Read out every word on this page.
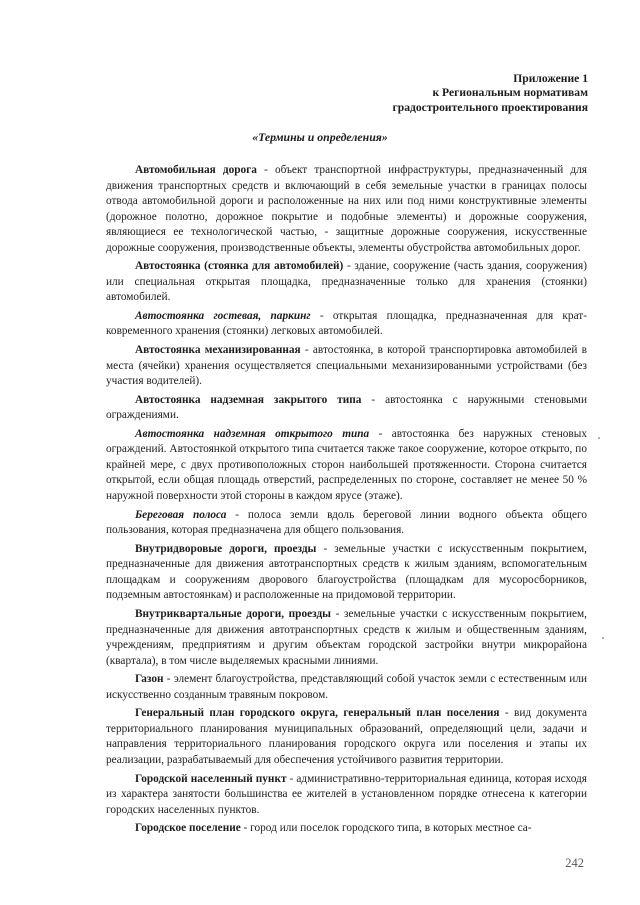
Приложение 1
к Региональным нормативам
градостроительного проектирования
«Термины и определения»

Автомобильная дорога - объект транспортной инфраструктуры, предназначенный для движения транспортных средств и включающий в себя земельные участки в границах полосы отвода автомобильной дороги и расположенные на них или под ними конструктивные элементы (дорожное полотно, дорожное покрытие и подобные элементы) и дорожные сооружения, являющиеся ее технологической частью, - защитные дорожные сооружения, искусственные дорожные сооружения, производственные объекты, элементы обустройства автомобильных дорог.

Автостоянка (стоянка для автомобилей) - здание, сооружение (часть здания, сооружения) или специальная открытая площадка, предназначенные только для хранения (стоянки) автомобилей.

Автостоянка гостевая, паркинг - открытая площадка, предназначенная для кратковременного хранения (стоянки) легковых автомобилей.

Автостоянка механизированная - автостоянка, в которой транспортировка автомобилей в места (ячейки) хранения осуществляется специальными механизированными устройствами (без участия водителей).

Автостоянка надземная закрытого типа - автостоянка с наружными стеновыми ограждениями.

Автостоянка надземная открытого типа - автостоянка без наружных стеновых ограждений. Автостоянкой открытого типа считается также такое сооружение, которое открыто, по крайней мере, с двух противоположных сторон наибольшей протяженности. Сторона считается открытой, если общая площадь отверстий, распределенных по стороне, составляет не менее 50 % наружной поверхности этой стороны в каждом ярусе (этаже).

Береговая полоса - полоса земли вдоль береговой линии водного объекта общего пользования, которая предназначена для общего пользования.

Внутридворовые дороги, проезды - земельные участки с искусственным покрытием, предназначенные для движения автотранспортных средств к жилым зданиям, вспомогательным площадкам и сооружениям дворового благоустройства (площадкам для мусоросборников, подземным автостоянкам) и расположенные на придомовой территории.

Внутриквартальные дороги, проезды - земельные участки с искусственным покрытием, предназначенные для движения автотранспортных средств к жилым и общественным зданиям, учреждениям, предприятиям и другим объектам городской застройки внутри микрорайона (квартала), в том числе выделяемых красными линиями.

Газон - элемент благоустройства, представляющий собой участок земли с естественным или искусственно созданным травяным покровом.

Генеральный план городского округа, генеральный план поселения - вид документа территориального планирования муниципальных образований, определяющий цели, задачи и направления территориального планирования городского округа или поселения и этапы их реализации, разрабатываемый для обеспечения устойчивого развития территории.

Городской населенный пункт - административно-территориальная единица, которая исходя из характера занятости большинства ее жителей в установленном порядке отнесена к категории городских населенных пунктов.

Городское поселение - город или поселок городского типа, в которых местное са-

242
